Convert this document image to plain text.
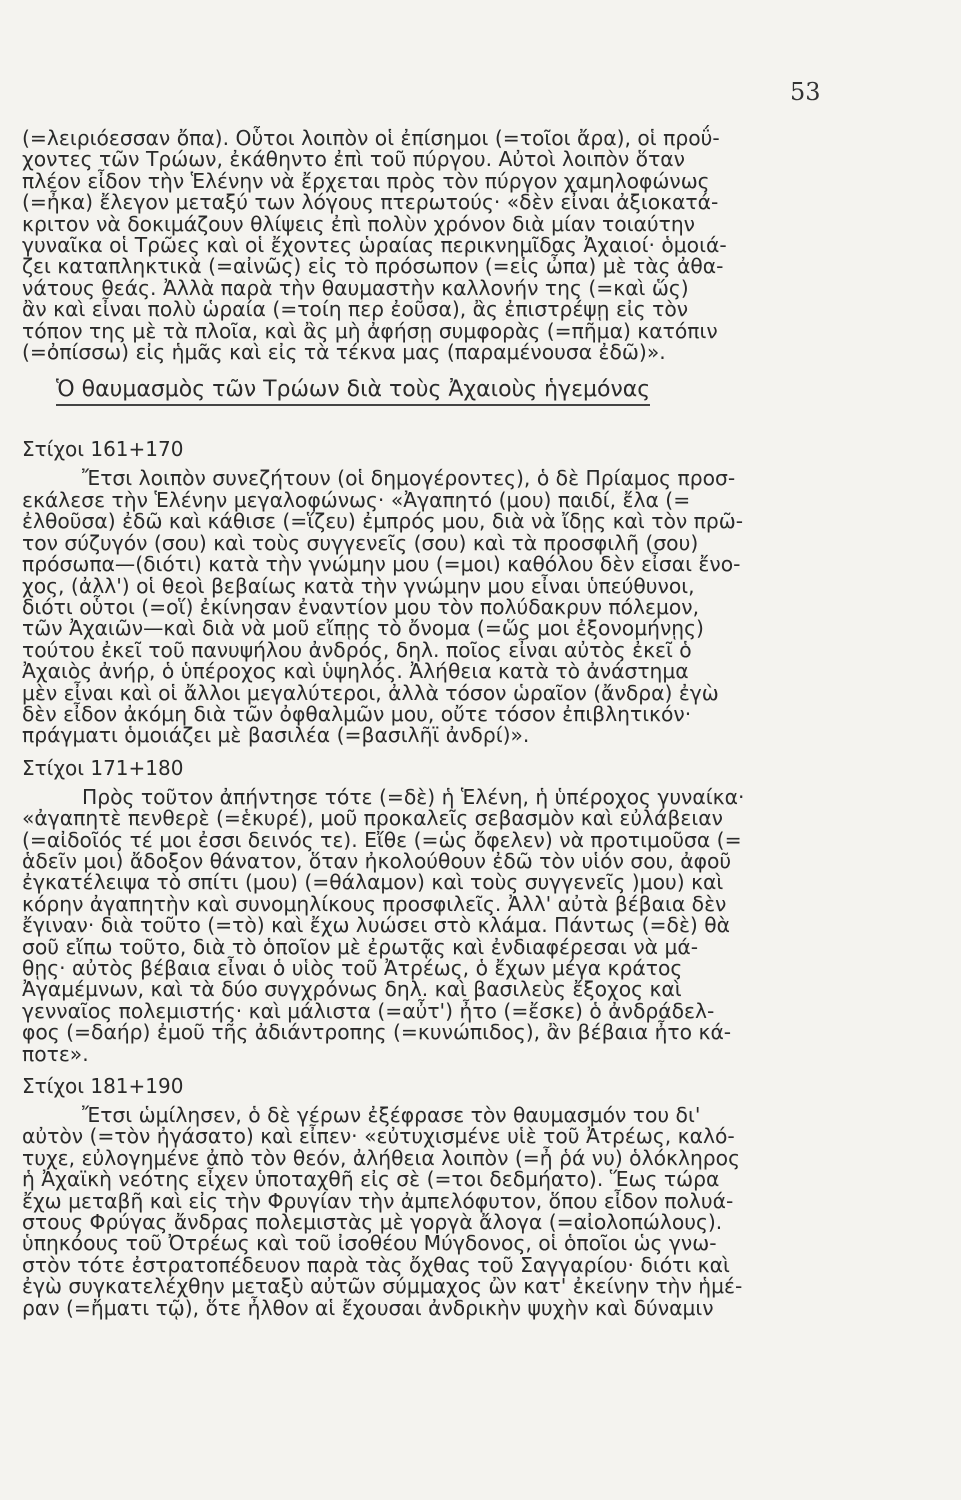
53
(=λειριόεσσαν ὄπα). Οὗτοι λοιπὸν οἱ ἐπίσημοι (=τοῖοι ἄρα), οἱ προΰ-
χοντες τῶν Τρώων, ἐκάθηντο ἐπὶ τοῦ πύργου. Αὐτοὶ λοιπὸν ὅταν
πλέον εἶδον τὴν Ἑλένην νὰ ἔρχεται πρὸς τὸν πύργον χαμηλοφώνως
(=ἦκα) ἔλεγον μεταξύ των λόγους πτερωτούς· «δὲν εἶναι ἀξιοκατά-
κριτον νὰ δοκιμάζουν θλίψεις ἐπὶ πολὺν χρόνον διὰ μίαν τοιαύτην
γυναῖκα οἱ Τρῶες καὶ οἱ ἔχοντες ὡραίας περικνημῖδας Ἀχαιοί· ὁμοιά-
ζει καταπληκτικὰ (=αἰνῶς) εἰς τὸ πρόσωπον (=εἰς ὦπα) μὲ τὰς ἀθα-
νάτους θεάς. Ἀλλὰ παρὰ τὴν θαυμαστὴν καλλονήν της (=καὶ ὥς)
ἂν καὶ εἶναι πολὺ ὡραία (=τοίη περ ἐοῦσα), ἂς ἐπιστρέψῃ εἰς τὸν
τόπον της μὲ τὰ πλοῖα, καὶ ἂς μὴ ἀφήσῃ συμφορὰς (=πῆμα) κατόπιν
(=ὀπίσσω) εἰς ἡμᾶς καὶ εἰς τὰ τέκνα μας (παραμένουσα ἐδῶ)».
Ὁ θαυμασμὸς τῶν Τρώων διὰ τοὺς Ἀχαιοὺς ἡγεμόνας
Στίχοι 161+170
Ἔτσι λοιπὸν συνεζήτουν (οἱ δημογέροντες), ὁ δὲ Πρίαμος προσ-
εκάλεσε τὴν Ἑλένην μεγαλοφώνως· «Ἀγαπητό (μου) παιδί, ἔλα (=
ἐλθοῦσα) ἐδῶ καὶ κάθισε (=ἵζευ) ἐμπρός μου, διὰ νὰ ἴδῃς καὶ τὸν πρῶ-
τον σύζυγόν (σου) καὶ τοὺς συγγενεῖς (σου) καὶ τὰ προσφιλῆ (σου)
πρόσωπα—(διότι) κατὰ τὴν γνώμην μου (=μοι) καθόλου δὲν εἶσαι ἔνο-
χος, (ἀλλ') οἱ θεοὶ βεβαίως κατὰ τὴν γνώμην μου εἶναι ὑπεύθυνοι,
διότι οὗτοι (=οἵ) ἐκίνησαν ἐναντίον μου τὸν πολύδακρυν πόλεμον,
τῶν Ἀχαιῶν—καὶ διὰ νὰ μοῦ εἴπῃς τὸ ὄνομα (=ὥς μοι ἐξονομήνῃς)
τούτου ἐκεῖ τοῦ πανυψήλου ἀνδρός, δηλ. ποῖος εἶναι αὐτὸς ἐκεῖ ὁ
Ἀχαιὸς ἀνήρ, ὁ ὑπέροχος καὶ ὑψηλός. Ἀλήθεια κατὰ τὸ ἀνάστημα
μὲν εἶναι καὶ οἱ ἄλλοι μεγαλύτεροι, ἀλλὰ τόσον ὡραῖον (ἄνδρα) ἐγὼ
δὲν εἶδον ἀκόμη διὰ τῶν ὀφθαλμῶν μου, οὔτε τόσον ἐπιβλητικόν·
πράγματι ὁμοιάζει μὲ βασιλέα (=βασιλῆϊ ἀνδρί)».
Στίχοι 171+180
Πρὸς τοῦτον ἀπήντησε τότε (=δὲ) ἡ Ἑλένη, ἡ ὑπέροχος γυναίκα·
«ἀγαπητὲ πενθερὲ (=ἑκυρέ), μοῦ προκαλεῖς σεβασμὸν καὶ εὐλάβειαν
(=αἰδοῖός τέ μοι ἐσσι δεινός τε). Εἴθε (=ὡς ὄφελεν) νὰ προτιμοῦσα (=
ἁδεῖν μοι) ἄδοξον θάνατον, ὅταν ἠκολούθουν ἐδῶ τὸν υἱόν σου, ἀφοῦ
ἐγκατέλειψα τὸ σπίτι (μου) (=θάλαμον) καὶ τοὺς συγγενεῖς )μου) καὶ
κόρην ἀγαπητὴν καὶ συνομηλίκους προσφιλεῖς. Ἀλλ' αὐτὰ βέβαια δὲν
ἔγιναν· διὰ τοῦτο (=τὸ) καὶ ἔχω λυώσει στὸ κλάμα. Πάντως (=δὲ) θὰ
σοῦ εἴπω τοῦτο, διὰ τὸ ὁποῖον μὲ ἐρωτᾷς καὶ ἐνδιαφέρεσαι νὰ μά-
θῃς· αὐτὸς βέβαια εἶναι ὁ υἱὸς τοῦ Ἀτρέως, ὁ ἔχων μέγα κράτος
Ἀγαμέμνων, καὶ τὰ δύο συγχρόνως δηλ. καὶ βασιλεὺς ἔξοχος καὶ
γενναῖος πολεμιστής· καὶ μάλιστα (=αὖτ') ἦτο (=ἔσκε) ὁ ἀνδράδελ-
φος (=δαήρ) ἐμοῦ τῆς ἀδιάντροπης (=κυνώπιδος), ἂν βέβαια ἦτο κά-
ποτε».
Στίχοι 181+190
Ἔτσι ὡμίλησεν, ὁ δὲ γέρων ἐξέφρασε τὸν θαυμασμόν του δι'
αὐτὸν (=τὸν ἠγάσατο) καὶ εἶπεν· «εὐτυχισμένε υἱὲ τοῦ Ἀτρέως, καλό-
τυχε, εὐλογημένε ἀπὸ τὸν θεόν, ἀλήθεια λοιπὸν (=ἦ ῥά νυ) ὁλόκληρος
ἡ Ἀχαϊκὴ νεότης εἶχεν ὑποταχθῆ εἰς σὲ (=τοι δεδμήατο). Ἕως τώρα
ἔχω μεταβῆ καὶ εἰς τὴν Φρυγίαν τὴν ἀμπελόφυτον, ὅπου εἶδον πολυά-
στους Φρύγας ἄνδρας πολεμιστὰς μὲ γοργὰ ἄλογα (=αἰολοπώλους).
ὑπηκόους τοῦ Ὀτρέως καὶ τοῦ ἰσοθέου Μύγδονος, οἱ ὁποῖοι ὡς γνω-
στὸν τότε ἐστρατοπέδευον παρὰ τὰς ὄχθας τοῦ Σαγγαρίου· διότι καὶ
ἐγὼ συγκατελέχθην μεταξὺ αὐτῶν σύμμαχος ὢν κατ' ἐκείνην τὴν ἡμέ-
ραν (=ἤματι τῷ), ὅτε ἦλθον αἱ ἔχουσαι ἀνδρικὴν ψυχὴν καὶ δύναμιν
